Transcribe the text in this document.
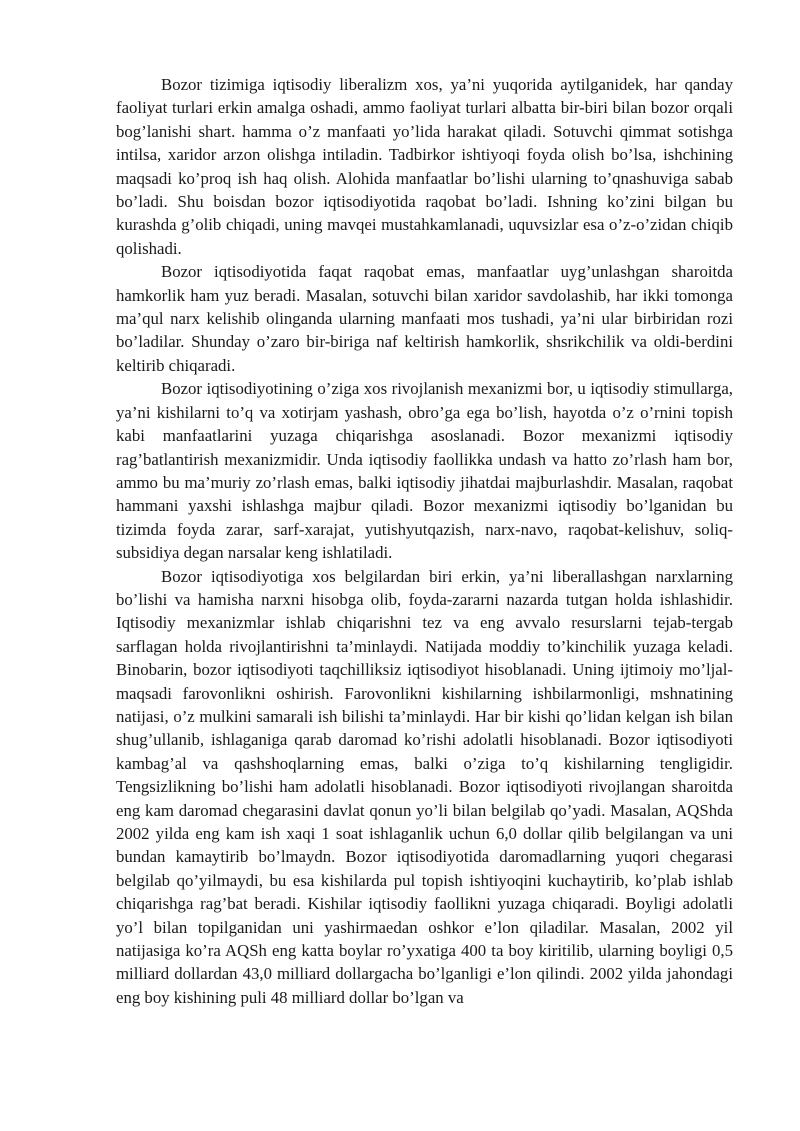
Bozor tizimiga iqtisodiy liberalizm xos, ya’ni yuqorida aytilganidek, har qanday faoliyat turlari erkin amalga oshadi, ammo faoliyat turlari albatta bir-biri bilan bozor orqali bog’lanishi shart. hamma o’z manfaati yo’lida harakat qiladi. Sotuvchi qimmat sotishga intilsa, xaridor arzon olishga intiladin. Tadbirkor ishtiyoqi foyda olish bo’lsa, ishchining maqsadi ko’proq ish haq olish. Alohida manfaatlar bo’lishi ularning to’qnashuviga sabab bo’ladi. Shu boisdan bozor iqtisodiyotida raqobat bo’ladi. Ishning ko’zini bilgan bu kurashda g’olib chiqadi, uning mavqei mustahkamlanadi, uquvsizlar esa o’z-o’zidan chiqib qolishadi.

Bozor iqtisodiyotida faqat raqobat emas, manfaatlar uyg’unlashgan sharoitda hamkorlik ham yuz beradi. Masalan, sotuvchi bilan xaridor savdolashib, har ikki tomonga ma’qul narx kelishib olinganda ularning manfaati mos tushadi, ya’ni ular birbiridan rozi bo’ladilar. Shunday o’zaro bir-biriga naf keltirish hamkorlik, shsrikchilik va oldi-berdini keltirib chiqaradi.

Bozor iqtisodiyotining o’ziga xos rivojlanish mexanizmi bor, u iqtisodiy stimullarga, ya’ni kishilarni to’q va xotirjam yashash, obro’ga ega bo’lish, hayotda o’z o’rnini topish kabi manfaatlarini yuzaga chiqarishga asoslanadi. Bozor mexanizmi iqtisodiy rag’batlantirish mexanizmidir. Unda iqtisodiy faollikka undash va hatto zo’rlash ham bor, ammo bu ma’muriy zo’rlash emas, balki iqtisodiy jihatdai majburlashdir. Masalan, raqobat hammani yaxshi ishlashga majbur qiladi. Bozor mexanizmi iqtisodiy bo’lganidan bu tizimda foyda zarar, sarf-xarajat, yutishyutqazish, narx-navo, raqobat-kelishuv, soliq-subsidiya degan narsalar keng ishlatiladi.

Bozor iqtisodiyotiga xos belgilardan biri erkin, ya’ni liberallashgan narxlarning bo’lishi va hamisha narxni hisobga olib, foyda-zararni nazarda tutgan holda ishlashidir. Iqtisodiy mexanizmlar ishlab chiqarishni tez va eng avvalo resurslarni tejab-tergab sarflagan holda rivojlantirishni ta’minlaydi. Natijada moddiy to’kinchilik yuzaga keladi. Binobarin, bozor iqtisodiyoti taqchilliksiz iqtisodiyot hisoblanadi. Uning ijtimoiy mo’ljal-maqsadi farovonlikni oshirish. Farovonlikni kishilarning ishbilarmonligi, mshnatining natijasi, o’z mulkini samarali ish bilishi ta’minlaydi. Har bir kishi qo’lidan kelgan ish bilan shug’ullanib, ishlaganiga qarab daromad ko’rishi adolatli hisoblanadi. Bozor iqtisodiyoti kambag’al va qashshoqlarning emas, balki o’ziga to’q kishilarning tengligidir. Tengsizlikning bo’lishi ham adolatli hisoblanadi. Bozor iqtisodiyoti rivojlangan sharoitda eng kam daromad chegarasini davlat qonun yo’li bilan belgilab qo’yadi. Masalan, AQShda 2002 yilda eng kam ish xaqi 1 soat ishlaganlik uchun 6,0 dollar qilib belgilangan va uni bundan kamaytirib bo’lmaydn. Bozor iqtisodiyotida daromadlarning yuqori chegarasi belgilab qo’yilmaydi, bu esa kishilarda pul topish ishtiyoqini kuchaytirib, ko’plab ishlab chiqarishga rag’bat beradi. Kishilar iqtisodiy faollikni yuzaga chiqaradi. Boyligi adolatli yo’l bilan topilganidan uni yashirmaedan oshkor e’lon qiladilar. Masalan, 2002 yil natijasiga ko’ra AQSh eng katta boylar ro’yxatiga 400 ta boy kiritilib, ularning boyligi 0,5 milliard dollardan 43,0 milliard dollargacha bo’lganligi e’lon qilindi. 2002 yilda jahondagi eng boy kishining puli 48 milliard dollar bo’lgan va
